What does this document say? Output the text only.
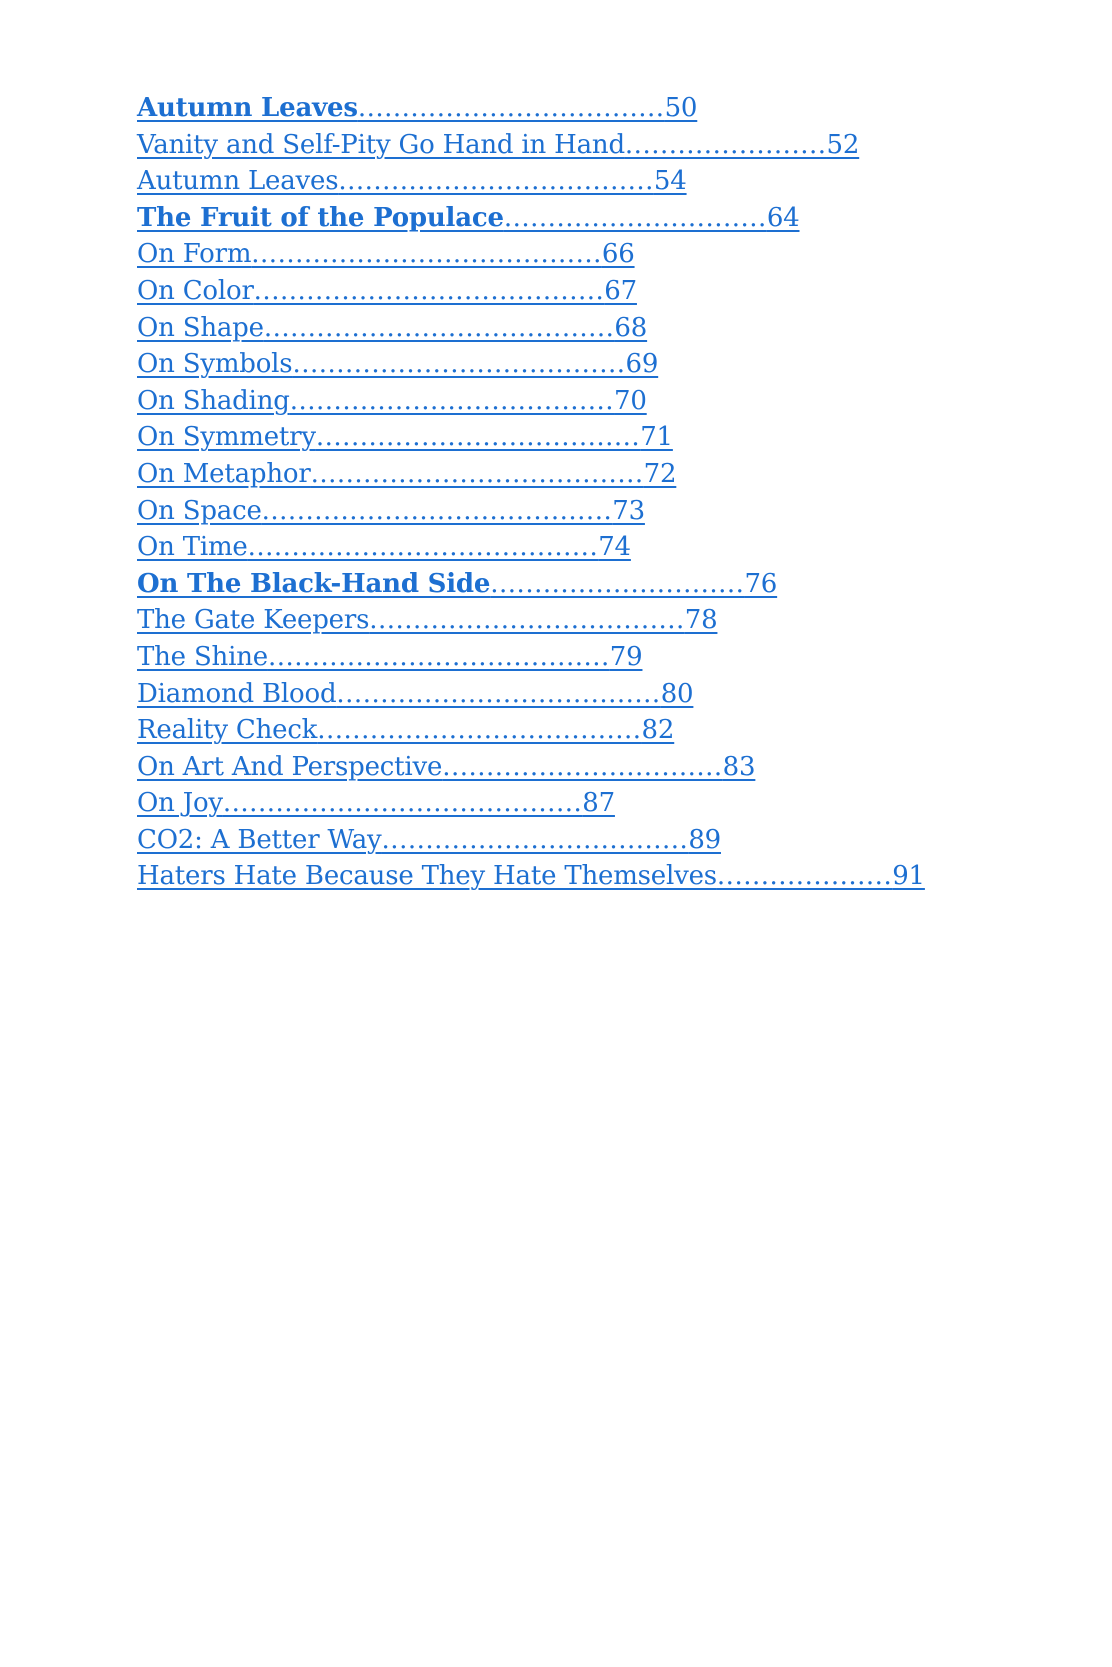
Autumn Leaves...................................50
Vanity and Self-Pity Go Hand in Hand.......................52
Autumn Leaves....................................54
The Fruit of the Populace..............................64
On Form........................................66
On Color........................................67
On Shape........................................68
On Symbols......................................69
On Shading.....................................70
On Symmetry.....................................71
On Metaphor......................................72
On Space........................................73
On Time........................................74
On The Black-Hand Side.............................76
The Gate Keepers....................................78
The Shine.......................................79
Diamond Blood.....................................80
Reality Check.....................................82
On Art And Perspective................................83
On Joy.........................................87
CO2: A Better Way...................................89
Haters Hate Because They Hate Themselves....................91
